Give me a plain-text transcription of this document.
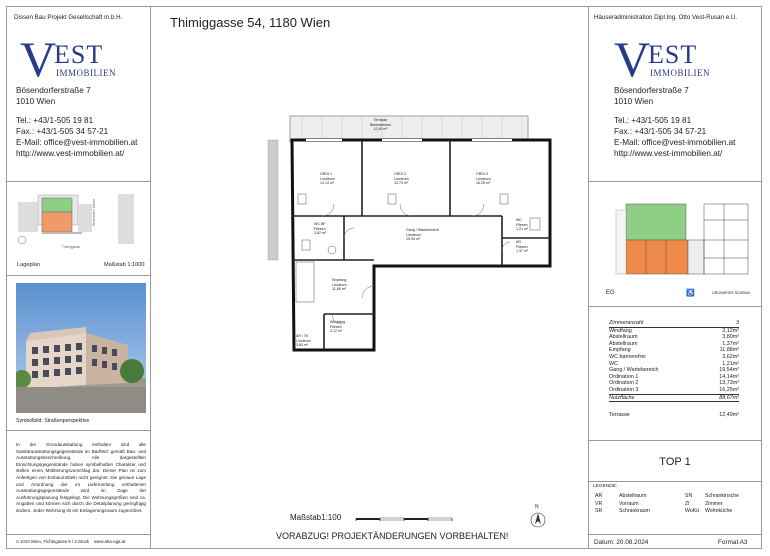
Dissen Bau Projekt Gesellschaft m.b.H.
V
EST
IMMOBILIEN
Bösendorferstraße 7
1010 Wien
Tel.: +43/1-505 19 81
Fax.: +43/1-505 34 57-21
E-Mail: office@vest-immobilien.at
http://www.vest-immobilien.at/
Thimiggasse
Weinhauser Gasse
Lageplan	Maßstab 1:1000
Symbolbild: Straßenperspektive
In der Grundausstattung enthalten sind alle Sanitärausstattungsgegenstände im Bad/WC gemäß Bau- und Ausstattungsbeschreibung. Alle dargestellten Einrichtungsgegenstände haben symbolhaften Charakter und stellen einen Möblierungsvorschlag dar. Dieser Plan ist zum Anfertigen von Einbaumöbeln nicht geeignet. Die genaue Lage und Anordnung der im Lieferumfang enthaltenen Ausstattungsgegenstände wird im Zuge der Ausführungsplanung festgelegt. Die Wohnungsgrößen sind ca. Angaben und können sich durch die Detailplanung geringfügig ändern. Jeder Wohnung ist ein Einlagerungsraum zugeordnet.
A 1010 Wien, Fichtegasse 9 / 2.Stock    www.aha-oga.at
Thimiggasse 54, 1180 Wien
Terrasse
Betonsteinen
12,49 m²
ORDI 1
Linoleum
14,14 m²
ORDI 2
Linoleum
13,73 m²
ORDI 3
Linoleum
16,25 m²
WC BF
Fliesen
3,62 m²
Gang / Wartebereich
Linoleum
19,54 m²
WC
Fliesen
1,21 m²
AR
Fliesen
1,37 m²
Empfang
Linoleum
11,88 m²
AR / TK
Linoleum
3,80 m²
Windfang
Fliesen
3,12 m²
Maßstab1:100	0	1	2	3	4
N
VORABZUG! PROJEKTÄNDERUNGEN VORBEHALTEN!
Häuseradministration Dipl.Ing. Otto Vest-Rusan e.U.
V
EST
IMMOBILIEN
Bösendorferstraße 7
1010 Wien
Tel.: +43/1-505 19 81
Fax.: +43/1-505 34 57-21
E-Mail: office@vest-immobilien.at
http://www.vest-immobilien.at/
EG	♿	GRUNDRISS SCHEMA
Zimmeranzahl	3
Windfang	3,12m²
Abstellraum	3,80m²
Abstellraum	1,37m²
Empfang	11,88m²
WC barrierefrei	3,62m²
WC	1,21m²
Gang / Wartebereich	19,54m²
Ordination 1	14,14m²
Ordination 2	13,73m²
Ordination 3	16,25m²
Nutzfläche	88,67m²
Terrasse	12,49m²
TOP 1
LEGENDE:
AR	Abstellraum	SN	Schrankinsche
VR	Vorraum	ZI	Zimmer
SR	Schrankraum	WoKü	Wohnküche
Datum: 20.08.2024	Format A3
